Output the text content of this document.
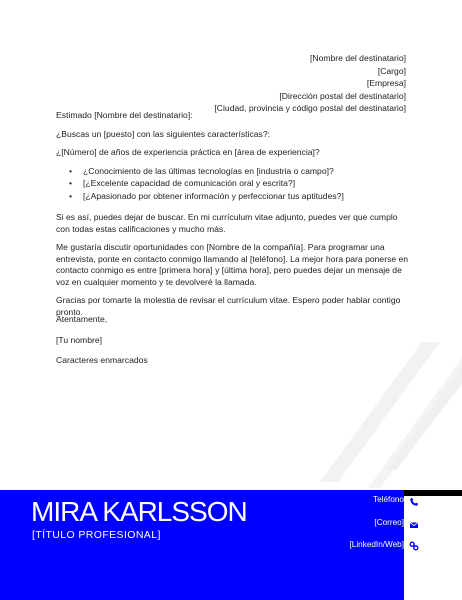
[Nombre del destinatario]
[Cargo]
[Empresa]
[Dirección postal del destinatario]
[Ciudad, provincia y código postal del destinatario]

Estimado [Nombre del destinatario]:

¿Buscas un [puesto] con las siguientes características?:

¿[Número] de años de experiencia práctica en [área de experiencia]?

• ¿Conocimiento de las últimas tecnologías en [industria o campo]?
• [¿Excelente capacidad de comunicación oral y escrita?]
• [¿Apasionado por obtener información y perfeccionar tus aptitudes?]

Si es así, puedes dejar de buscar. En mi currículum vitae adjunto, puedes ver que cumplo con todas estas calificaciones y mucho más.

Me gustaría discutir oportunidades con [Nombre de la compañía]. Para programar una entrevista, ponte en contacto conmigo llamando al [teléfono]. La mejor hora para ponerse en contacto conmigo es entre [primera hora] y [última hora], pero puedes dejar un mensaje de voz en cualquier momento y te devolveré la llamada.

Gracias por tomarte la molestia de revisar el currículum vitae. Espero poder hablar contigo pronto.

Atentamente,

[Tu nombre]

Caracteres enmarcados

MIRA KARLSSON
[TÍTULO PROFESIONAL]
Teléfono
[Correo]
[LinkedIn/Web]
